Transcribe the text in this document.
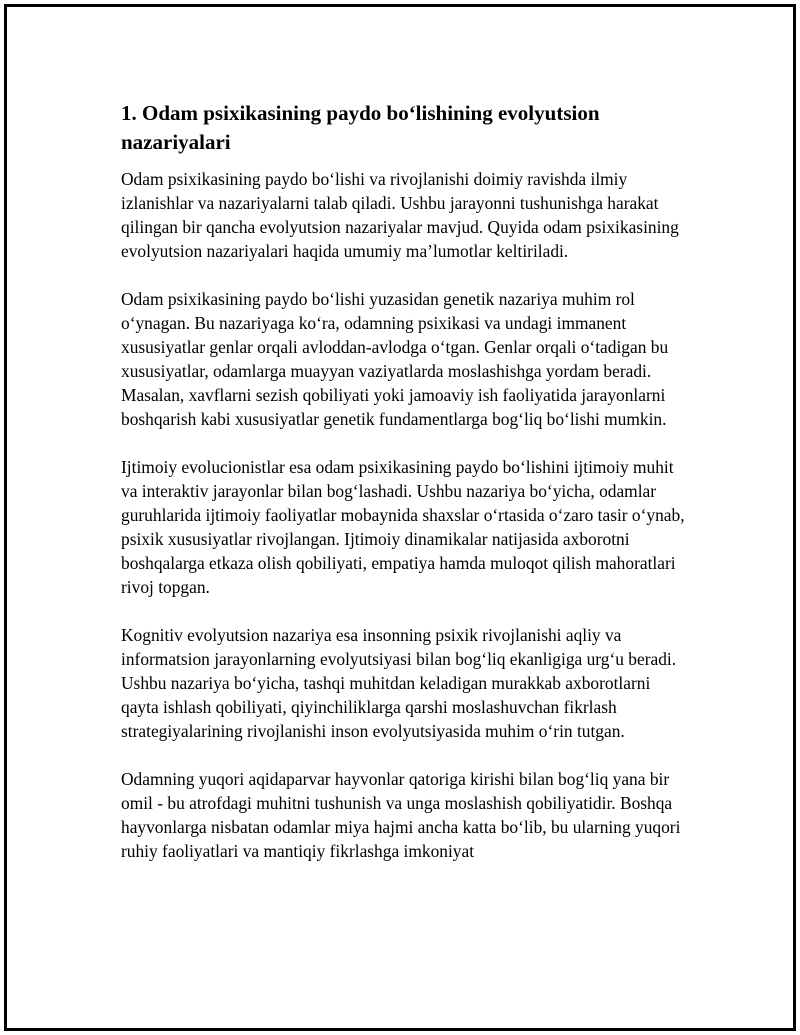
1. Odam psixikasining paydo bo‘lishining evolyutsion nazariyalari

Odam psixikasining paydo bo‘lishi va rivojlanishi doimiy ravishda ilmiy izlanishlar va nazariyalarni talab qiladi. Ushbu jarayonni tushunishga harakat qilingan bir qancha evolyutsion nazariyalar mavjud. Quyida odam psixikasining evolyutsion nazariyalari haqida umumiy ma’lumotlar keltiriladi.

Odam psixikasining paydo bo‘lishi yuzasidan genetik nazariya muhim rol o‘ynagan. Bu nazariyaga ko‘ra, odamning psixikasi va undagi immanent xususiyatlar genlar orqali avloddan-avlodga o‘tgan. Genlar orqali o‘tadigan bu xususiyatlar, odamlarga muayyan vaziyatlarda moslashishga yordam beradi. Masalan, xavflarni sezish qobiliyati yoki jamoaviy ish faoliyatida jarayonlarni boshqarish kabi xususiyatlar genetik fundamentlarga bog‘liq bo‘lishi mumkin.

Ijtimoiy evolucionistlar esa odam psixikasining paydo bo‘lishini ijtimoiy muhit va interaktiv jarayonlar bilan bog‘lashadi. Ushbu nazariya bo‘yicha, odamlar guruhlarida ijtimoiy faoliyatlar mobaynida shaxslar o‘rtasida o‘zaro tasir o‘ynab, psixik xususiyatlar rivojlangan. Ijtimoiy dinamikalar natijasida axborotni boshqalarga etkaza olish qobiliyati, empatiya hamda muloqot qilish mahoratlari rivoj topgan.

Kognitiv evolyutsion nazariya esa insonning psixik rivojlanishi aqliy va informatsion jarayonlarning evolyutsiyasi bilan bog‘liq ekanligiga urg‘u beradi. Ushbu nazariya bo‘yicha, tashqi muhitdan keladigan murakkab axborotlarni qayta ishlash qobiliyati, qiyinchiliklarga qarshi moslashuvchan fikrlash strategiyalarining rivojlanishi inson evolyutsiyasida muhim o‘rin tutgan.

Odamning yuqori aqidaparvar hayvonlar qatoriga kirishi bilan bog‘liq yana bir omil - bu atrofdagi muhitni tushunish va unga moslashish qobiliyatidir. Boshqa hayvonlarga nisbatan odamlar miya hajmi ancha katta bo‘lib, bu ularning yuqori ruhiy faoliyatlari va mantiqiy fikrlashga imkoniyat
